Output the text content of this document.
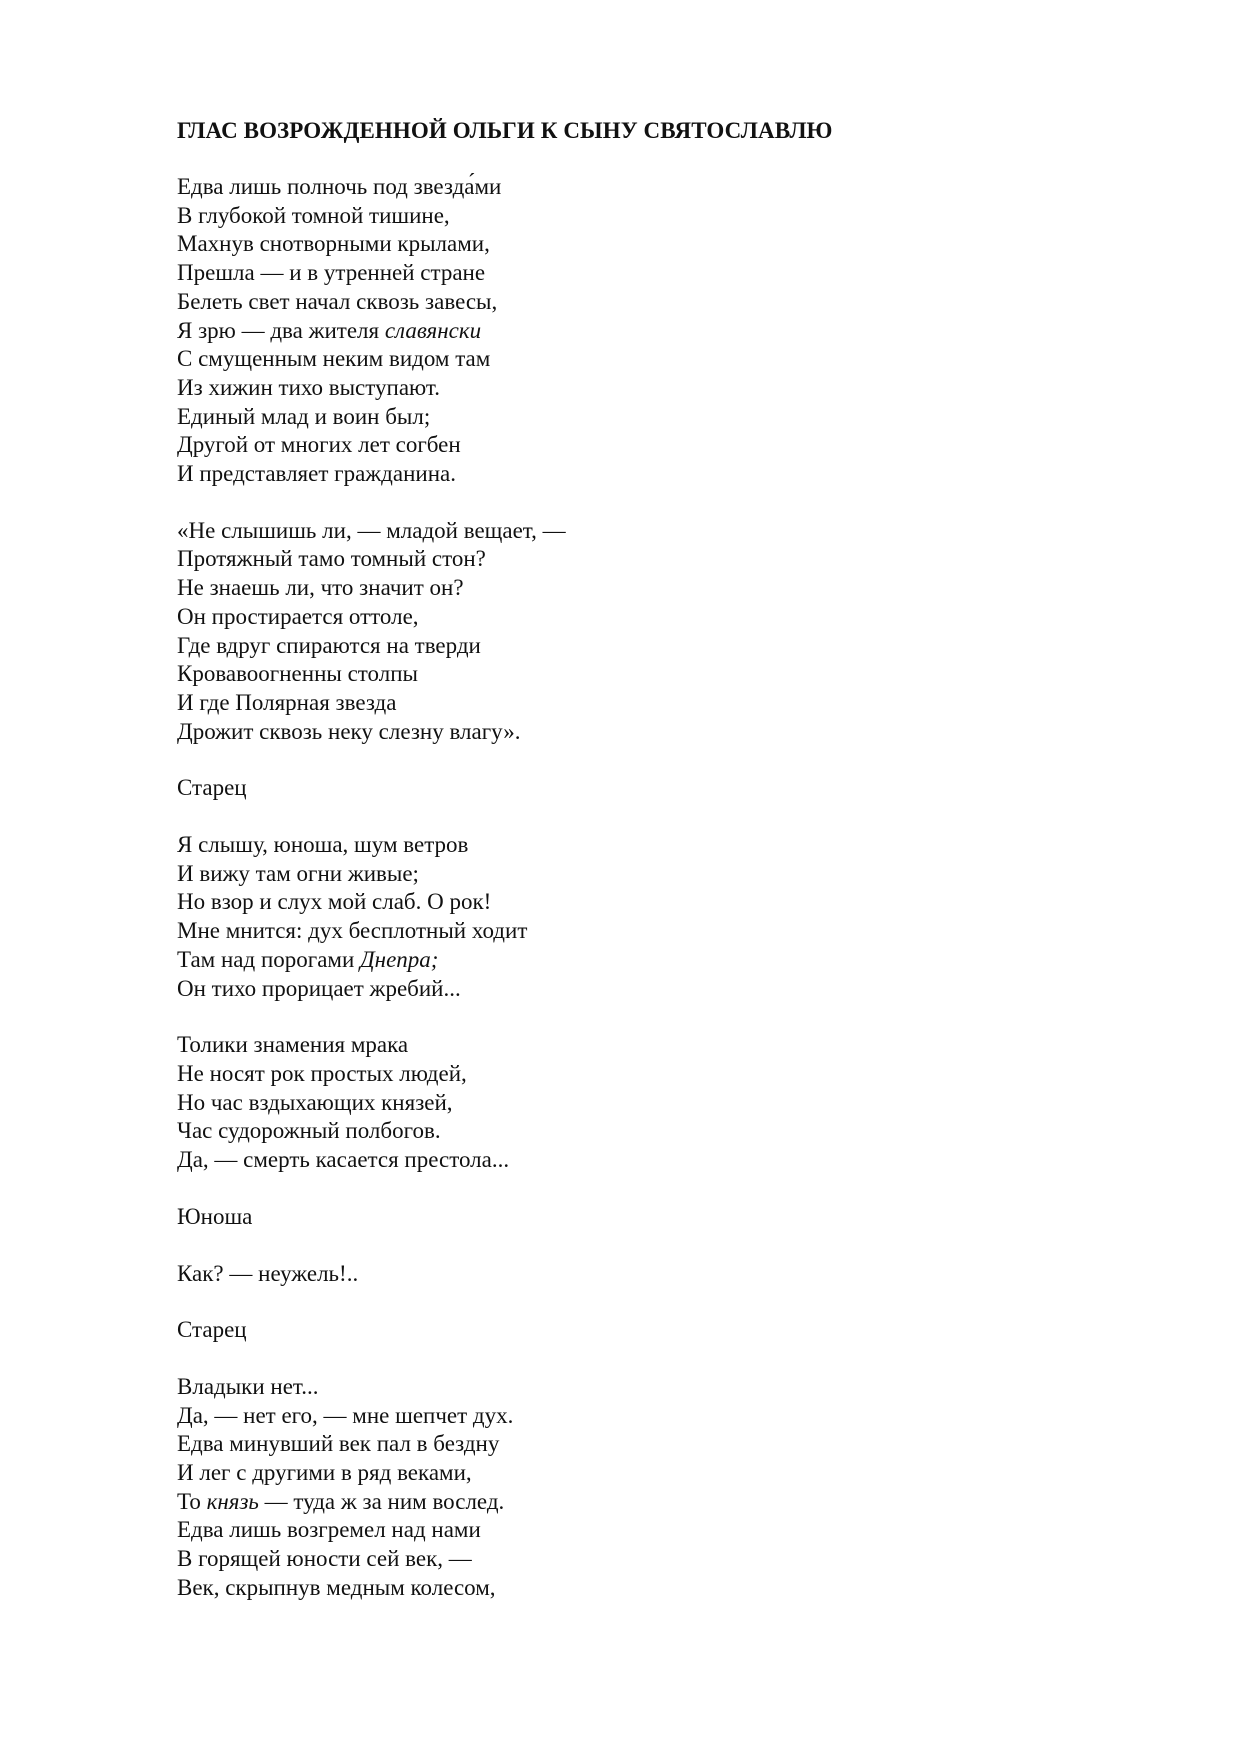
ГЛАС ВОЗРОЖДЕННОЙ ОЛЬГИ К СЫНУ СВЯТОСЛАВЛЮ
Едва лишь полночь под звезда́ми
В глубокой томной тишине,
Махнув снотворными крылами,
Прешла — и в утренней стране
Белеть свет начал сквозь завесы,
Я зрю — два жителя славянски
С смущенным неким видом там
Из хижин тихо выступают.
Единый млад и воин был;
Другой от многих лет согбен
И представляет гражданина.
«Не слышишь ли, — младой вещает, —
Протяжный тамо томный стон?
Не знаешь ли, что значит он?
Он простирается оттоле,
Где вдруг спираются на тверди
Кровавоогненны столпы
И где Полярная звезда
Дрожит сквозь неку слезну влагу».
Старец
Я слышу, юноша, шум ветров
И вижу там огни живые;
Но взор и слух мой слаб. О рок!
Мне мнится: дух бесплотный ходит
Там над порогами Днепра;
Он тихо прорицает жребий...
Толики знамения мрака
Не носят рок простых людей,
Но час вздыхающих князей,
Час судорожный полбогов.
Да, — смерть касается престола...
Юноша
Как? — неужель!..
Старец
Владыки нет...
Да, — нет его, — мне шепчет дух.
Едва минувший век пал в бездну
И лег с другими в ряд веками,
То князь — туда ж за ним вослед.
Едва лишь возгремел над нами
В горящей юности сей век, —
Век, скрыпнув медным колесом,
